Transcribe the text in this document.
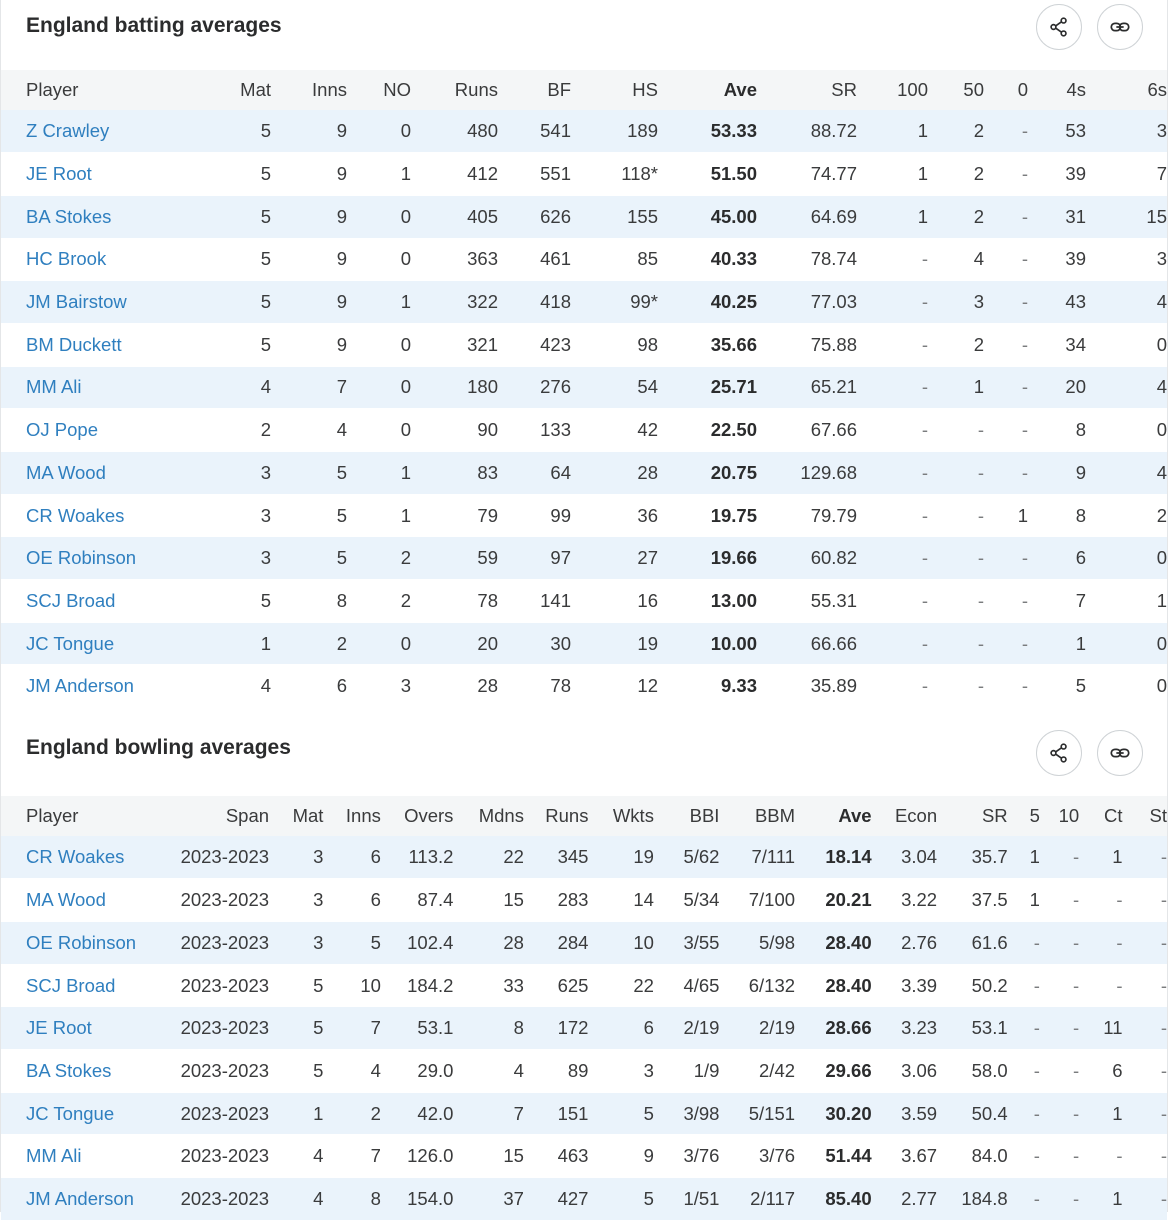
England batting averages
Player	Mat	Inns	NO	Runs	BF	HS	Ave	SR	100	50	0	4s	6s
Z Crawley	5	9	0	480	541	189	53.33	88.72	1	2	-	53	3
JE Root	5	9	1	412	551	118*	51.50	74.77	1	2	-	39	7
BA Stokes	5	9	0	405	626	155	45.00	64.69	1	2	-	31	15
HC Brook	5	9	0	363	461	85	40.33	78.74	-	4	-	39	3
JM Bairstow	5	9	1	322	418	99*	40.25	77.03	-	3	-	43	4
BM Duckett	5	9	0	321	423	98	35.66	75.88	-	2	-	34	0
MM Ali	4	7	0	180	276	54	25.71	65.21	-	1	-	20	4
OJ Pope	2	4	0	90	133	42	22.50	67.66	-	-	-	8	0
MA Wood	3	5	1	83	64	28	20.75	129.68	-	-	-	9	4
CR Woakes	3	5	1	79	99	36	19.75	79.79	-	-	1	8	2
OE Robinson	3	5	2	59	97	27	19.66	60.82	-	-	-	6	0
SCJ Broad	5	8	2	78	141	16	13.00	55.31	-	-	-	7	1
JC Tongue	1	2	0	20	30	19	10.00	66.66	-	-	-	1	0
JM Anderson	4	6	3	28	78	12	9.33	35.89	-	-	-	5	0
England bowling averages
Player	Span	Mat	Inns	Overs	Mdns	Runs	Wkts	BBI	BBM	Ave	Econ	SR	5	10	Ct	St
CR Woakes	2023-2023	3	6	113.2	22	345	19	5/62	7/111	18.14	3.04	35.7	1	-	1	-
MA Wood	2023-2023	3	6	87.4	15	283	14	5/34	7/100	20.21	3.22	37.5	1	-	-	-
OE Robinson	2023-2023	3	5	102.4	28	284	10	3/55	5/98	28.40	2.76	61.6	-	-	-	-
SCJ Broad	2023-2023	5	10	184.2	33	625	22	4/65	6/132	28.40	3.39	50.2	-	-	-	-
JE Root	2023-2023	5	7	53.1	8	172	6	2/19	2/19	28.66	3.23	53.1	-	-	11	-
BA Stokes	2023-2023	5	4	29.0	4	89	3	1/9	2/42	29.66	3.06	58.0	-	-	6	-
JC Tongue	2023-2023	1	2	42.0	7	151	5	3/98	5/151	30.20	3.59	50.4	-	-	1	-
MM Ali	2023-2023	4	7	126.0	15	463	9	3/76	3/76	51.44	3.67	84.0	-	-	-	-
JM Anderson	2023-2023	4	8	154.0	37	427	5	1/51	2/117	85.40	2.77	184.8	-	-	1	-
